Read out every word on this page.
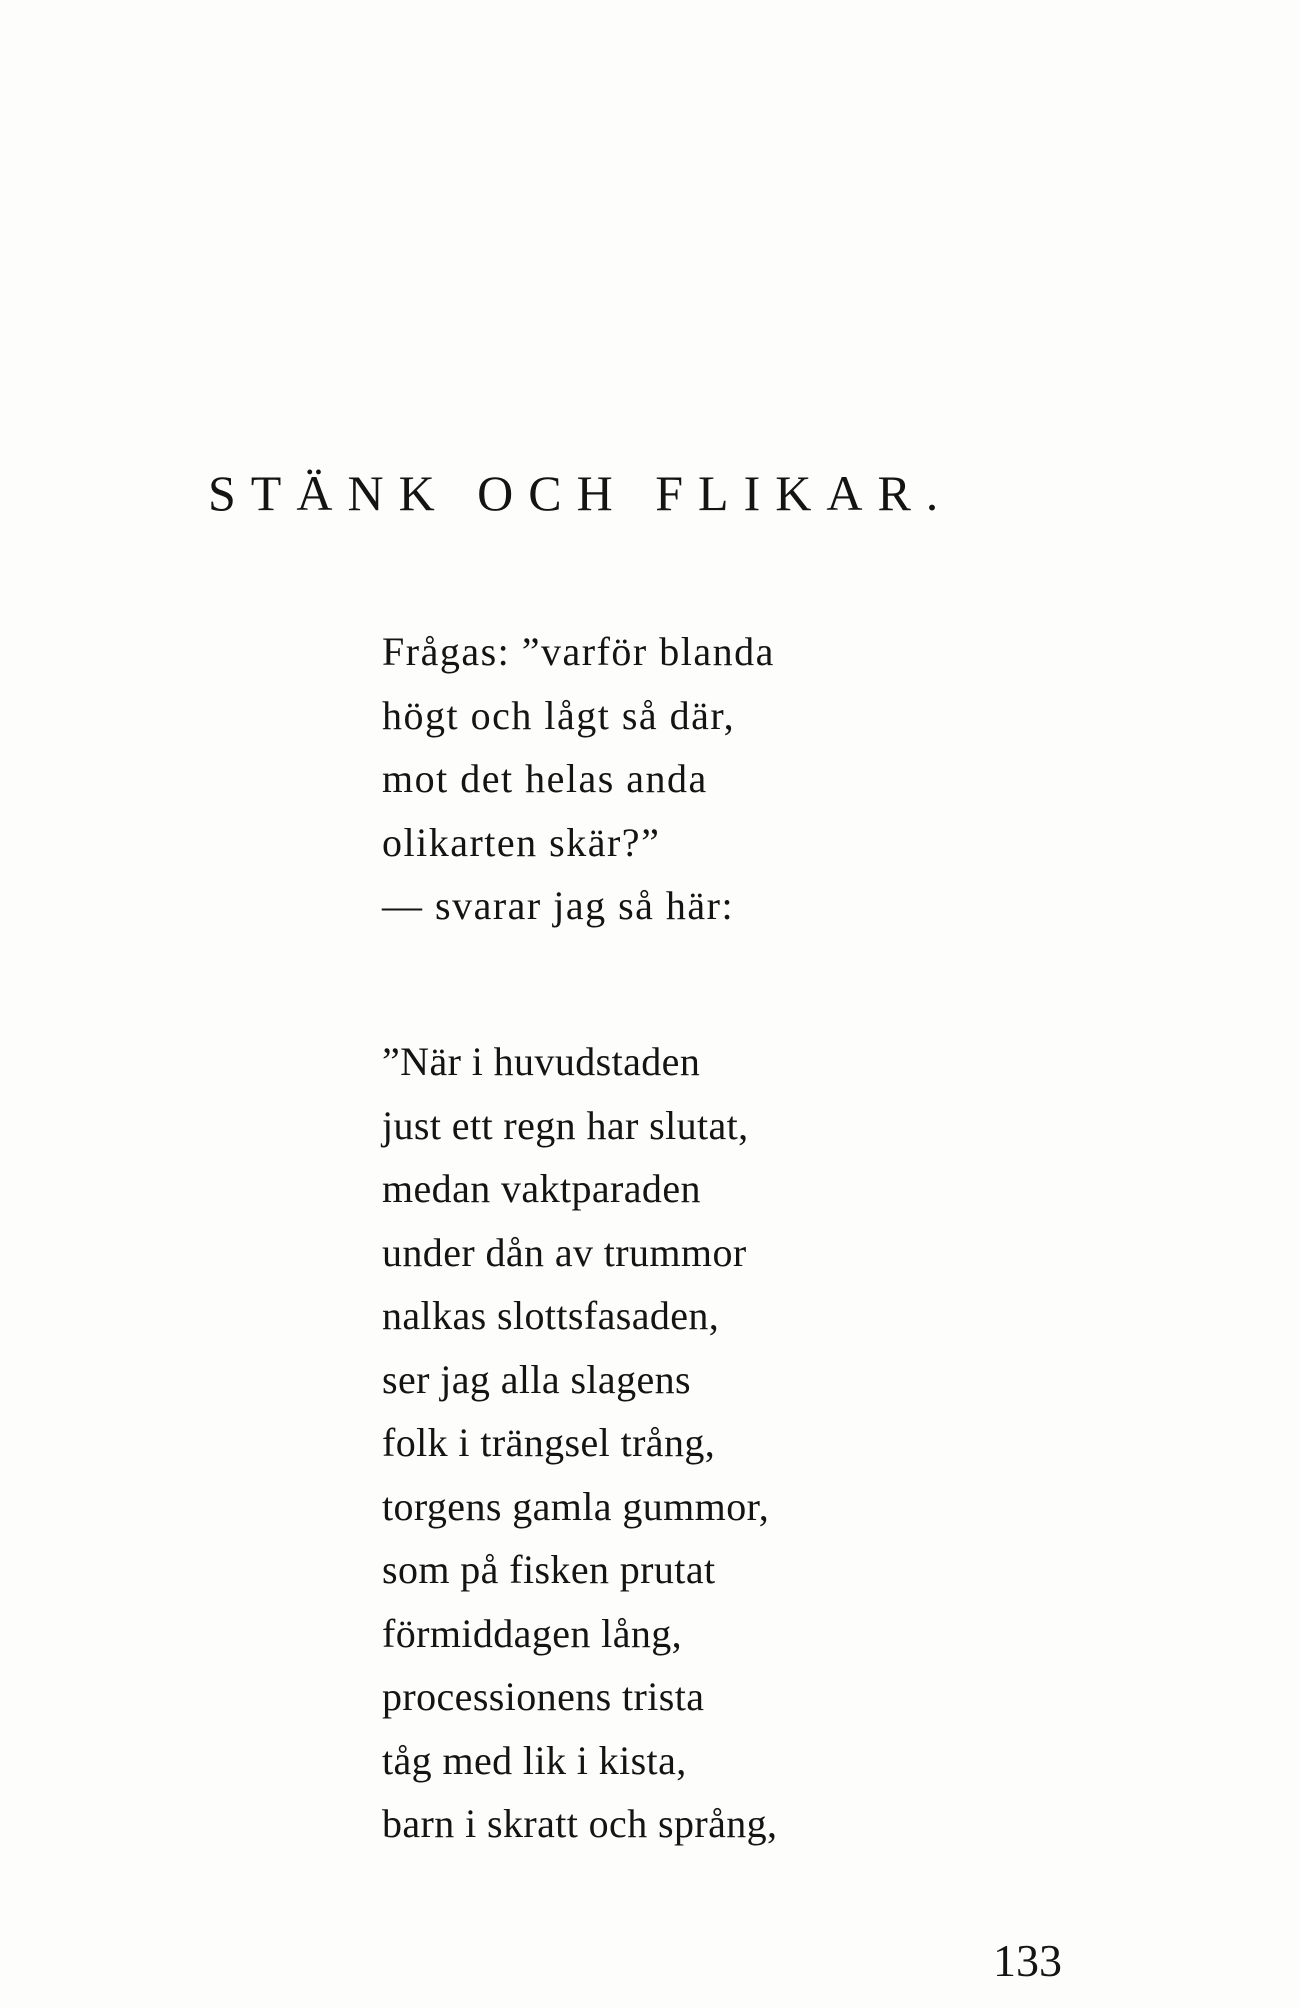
STÄNK OCH FLIKAR.
Frågas: ”varför blanda
högt och lågt så där,
mot det helas anda
olikarten skär?”
— svarar jag så här:
”När i huvudstaden
just ett regn har slutat,
medan vaktparaden
under dån av trummor
nalkas slottsfasaden,
ser jag alla slagens
folk i trängsel trång,
torgens gamla gummor,
som på fisken prutat
förmiddagen lång,
processionens trista
tåg med lik i kista,
barn i skratt och språng,
133
